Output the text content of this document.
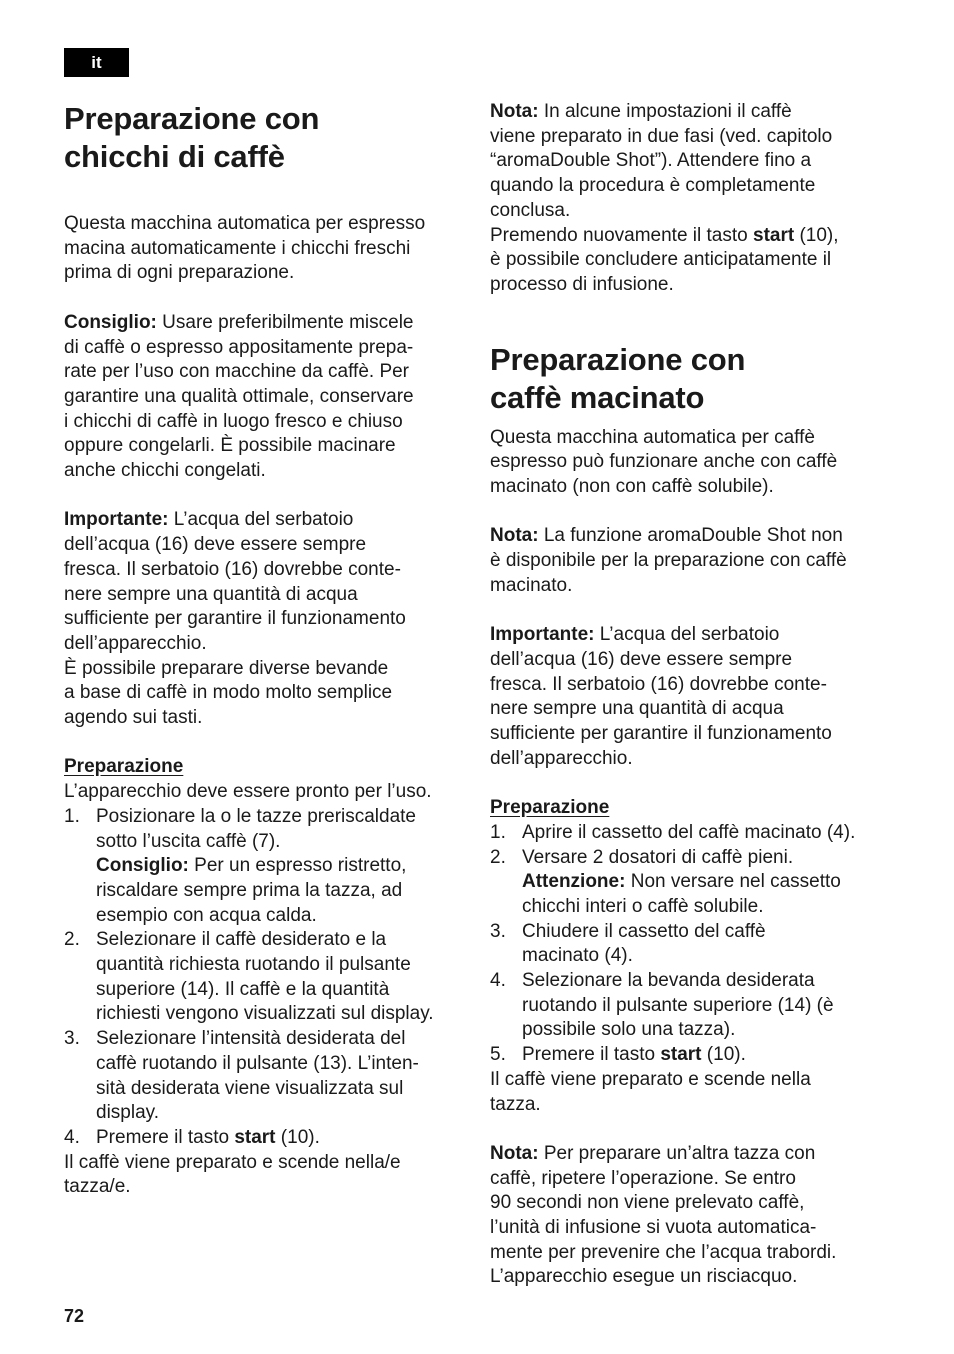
it
Preparazione con
chicchi di caffè

Questa macchina automatica per espresso
macina automaticamente i chicchi freschi
prima di ogni preparazione.

Consiglio: Usare preferibilmente miscele
di caffè o espresso appositamente prepa-
rate per l’uso con macchine da caffè. Per
garantire una qualità ottimale, conservare
i chicchi di caffè in luogo fresco e chiuso
oppure congelarli. È possibile macinare
anche chicchi congelati.

Importante: L’acqua del serbatoio
dell’acqua (16) deve essere sempre
fresca. Il serbatoio (16) dovrebbe conte-
nere sempre una quantità di acqua
sufficiente per garantire il funzionamento
dell’apparecchio.
È possibile preparare diverse bevande
a base di caffè in modo molto semplice
agendo sui tasti.

Preparazione

L’apparecchio deve essere pronto per l’uso.

1. Posizionare la o le tazze preriscaldate
sotto l’uscita caffè (7).
Consiglio: Per un espresso ristretto,
riscaldare sempre prima la tazza, ad
esempio con acqua calda.
2. Selezionare il caffè desiderato e la
quantità richiesta ruotando il pulsante
superiore (14). Il caffè e la quantità
richiesti vengono visualizzati sul display.
3. Selezionare l’intensità desiderata del
caffè ruotando il pulsante (13). L’inten-
sità desiderata viene visualizzata sul
display.
4. Premere il tasto start (10).

Il caffè viene preparato e scende nella/e
tazza/e.

Nota: In alcune impostazioni il caffè
viene preparato in due fasi (ved. capitolo
“aromaDouble Shot”). Attendere fino a
quando la procedura è completamente
conclusa.
Premendo nuovamente il tasto start (10),
è possibile concludere anticipatamente il
processo di infusione.

Preparazione con
caffè macinato

Questa macchina automatica per caffè
espresso può funzionare anche con caffè
macinato (non con caffè solubile).

Nota: La funzione aromaDouble Shot non
è disponibile per la preparazione con caffè
macinato.

Importante: L’acqua del serbatoio
dell’acqua (16) deve essere sempre
fresca. Il serbatoio (16) dovrebbe conte-
nere sempre una quantità di acqua
sufficiente per garantire il funzionamento
dell’apparecchio.

Preparazione

1. Aprire il cassetto del caffè macinato (4).
2. Versare 2 dosatori di caffè pieni.
Attenzione: Non versare nel cassetto
chicchi interi o caffè solubile.
3. Chiudere il cassetto del caffè
macinato (4).
4. Selezionare la bevanda desiderata
ruotando il pulsante superiore (14) (è
possibile solo una tazza).
5. Premere il tasto start (10).

Il caffè viene preparato e scende nella
tazza.

Nota: Per preparare un’altra tazza con
caffè, ripetere l’operazione. Se entro
90 secondi non viene prelevato caffè,
l’unità di infusione si vuota automatica-
mente per prevenire che l’acqua trabordi.
L’apparecchio esegue un risciacquo.

72
